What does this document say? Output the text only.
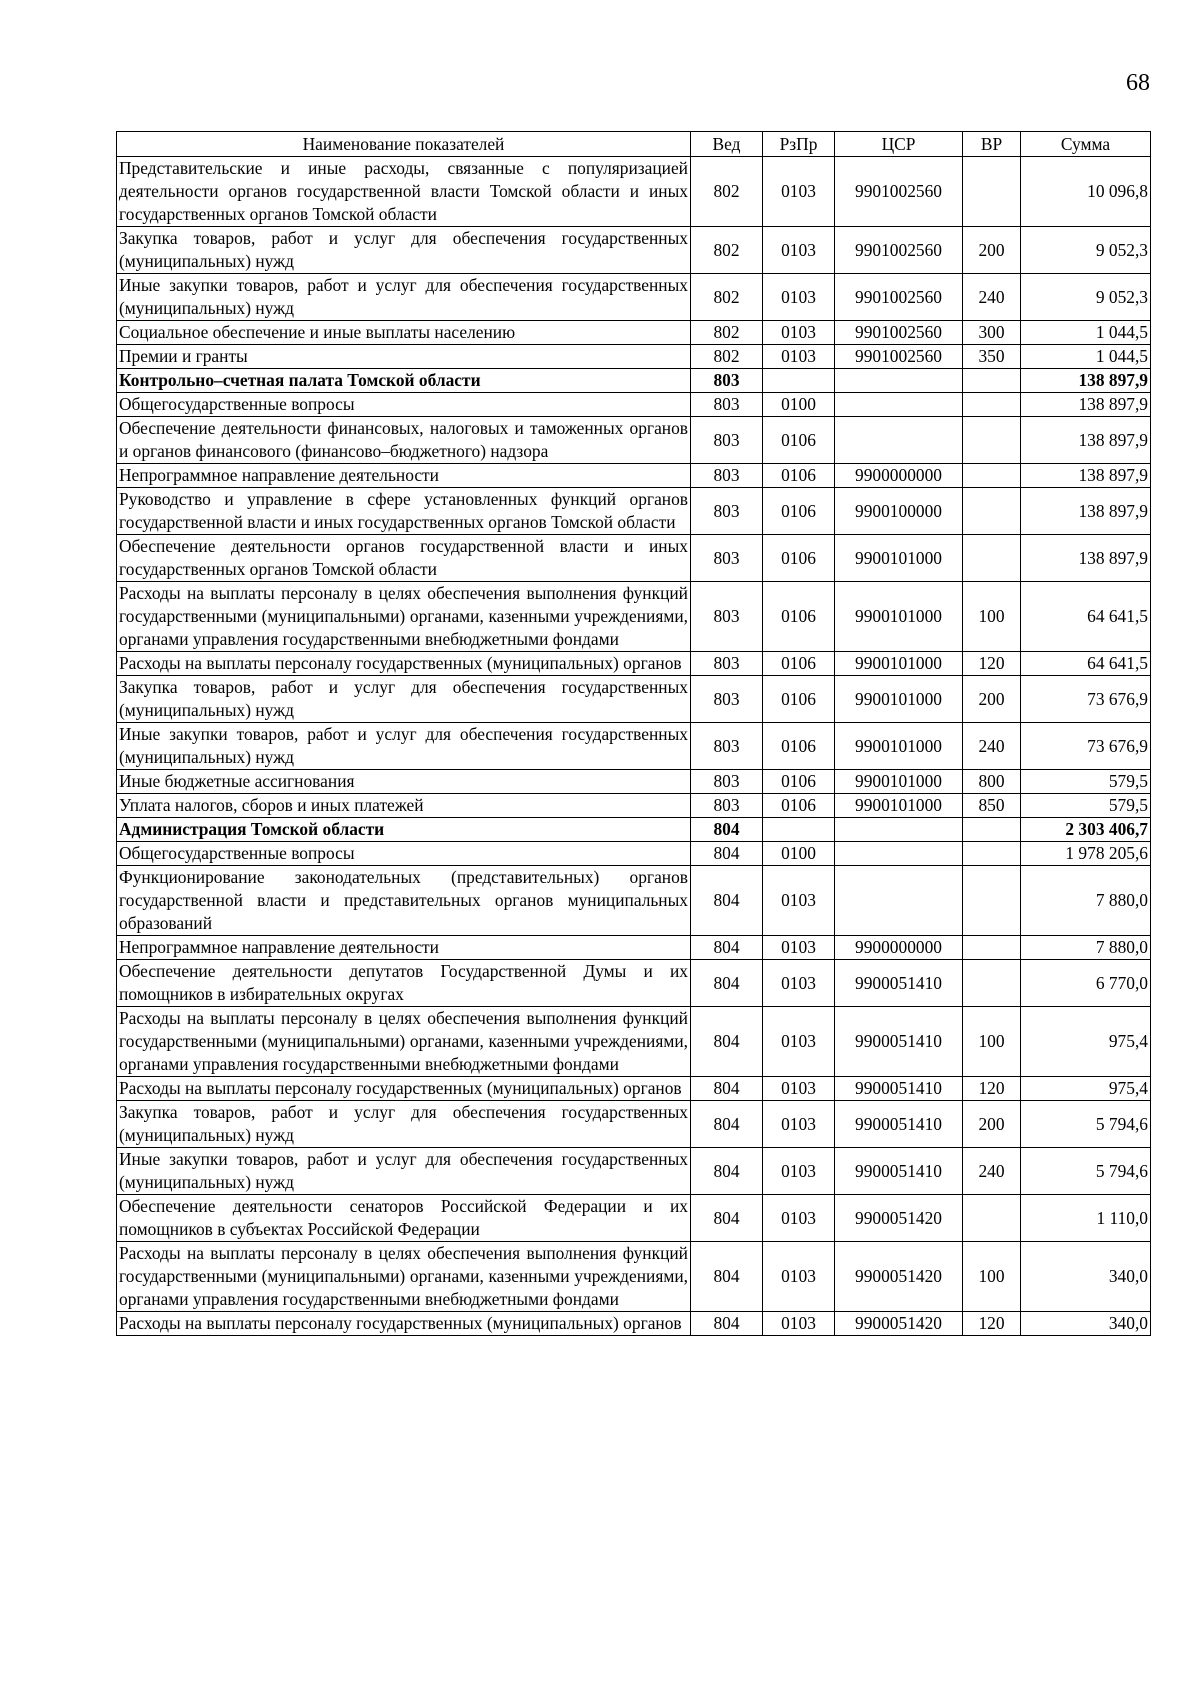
68
Наименование показателей	Вед	РзПр	ЦСР	ВР	Сумма
Представительские и иные расходы, связанные с популяризацией деятельности органов государственной власти Томской области и иных государственных органов Томской области	802	0103	9901002560		10 096,8
Закупка товаров, работ и услуг для обеспечения государственных (муниципальных) нужд	802	0103	9901002560	200	9 052,3
Иные закупки товаров, работ и услуг для обеспечения государственных (муниципальных) нужд	802	0103	9901002560	240	9 052,3
Социальное обеспечение и иные выплаты населению	802	0103	9901002560	300	1 044,5
Премии и гранты	802	0103	9901002560	350	1 044,5
Контрольно–счетная палата Томской области	803				138 897,9
Общегосударственные вопросы	803	0100			138 897,9
Обеспечение деятельности финансовых, налоговых и таможенных органов и органов финансового (финансово–бюджетного) надзора	803	0106			138 897,9
Непрограммное направление деятельности	803	0106	9900000000		138 897,9
Руководство и управление в сфере установленных функций органов государственной власти и иных государственных органов Томской области	803	0106	9900100000		138 897,9
Обеспечение деятельности органов государственной власти и иных государственных органов Томской области	803	0106	9900101000		138 897,9
Расходы на выплаты персоналу в целях обеспечения выполнения функций государственными (муниципальными) органами, казенными учреждениями, органами управления государственными внебюджетными фондами	803	0106	9900101000	100	64 641,5
Расходы на выплаты персоналу государственных (муниципальных) органов	803	0106	9900101000	120	64 641,5
Закупка товаров, работ и услуг для обеспечения государственных (муниципальных) нужд	803	0106	9900101000	200	73 676,9
Иные закупки товаров, работ и услуг для обеспечения государственных (муниципальных) нужд	803	0106	9900101000	240	73 676,9
Иные бюджетные ассигнования	803	0106	9900101000	800	579,5
Уплата налогов, сборов и иных платежей	803	0106	9900101000	850	579,5
Администрация Томской области	804				2 303 406,7
Общегосударственные вопросы	804	0100			1 978 205,6
Функционирование законодательных (представительных) органов государственной власти и представительных органов муниципальных образований	804	0103			7 880,0
Непрограммное направление деятельности	804	0103	9900000000		7 880,0
Обеспечение деятельности депутатов Государственной Думы и их помощников в избирательных округах	804	0103	9900051410		6 770,0
Расходы на выплаты персоналу в целях обеспечения выполнения функций государственными (муниципальными) органами, казенными учреждениями, органами управления государственными внебюджетными фондами	804	0103	9900051410	100	975,4
Расходы на выплаты персоналу государственных (муниципальных) органов	804	0103	9900051410	120	975,4
Закупка товаров, работ и услуг для обеспечения государственных (муниципальных) нужд	804	0103	9900051410	200	5 794,6
Иные закупки товаров, работ и услуг для обеспечения государственных (муниципальных) нужд	804	0103	9900051410	240	5 794,6
Обеспечение деятельности сенаторов Российской Федерации и их помощников в субъектах Российской Федерации	804	0103	9900051420		1 110,0
Расходы на выплаты персоналу в целях обеспечения выполнения функций государственными (муниципальными) органами, казенными учреждениями, органами управления государственными внебюджетными фондами	804	0103	9900051420	100	340,0
Расходы на выплаты персоналу государственных (муниципальных) органов	804	0103	9900051420	120	340,0
